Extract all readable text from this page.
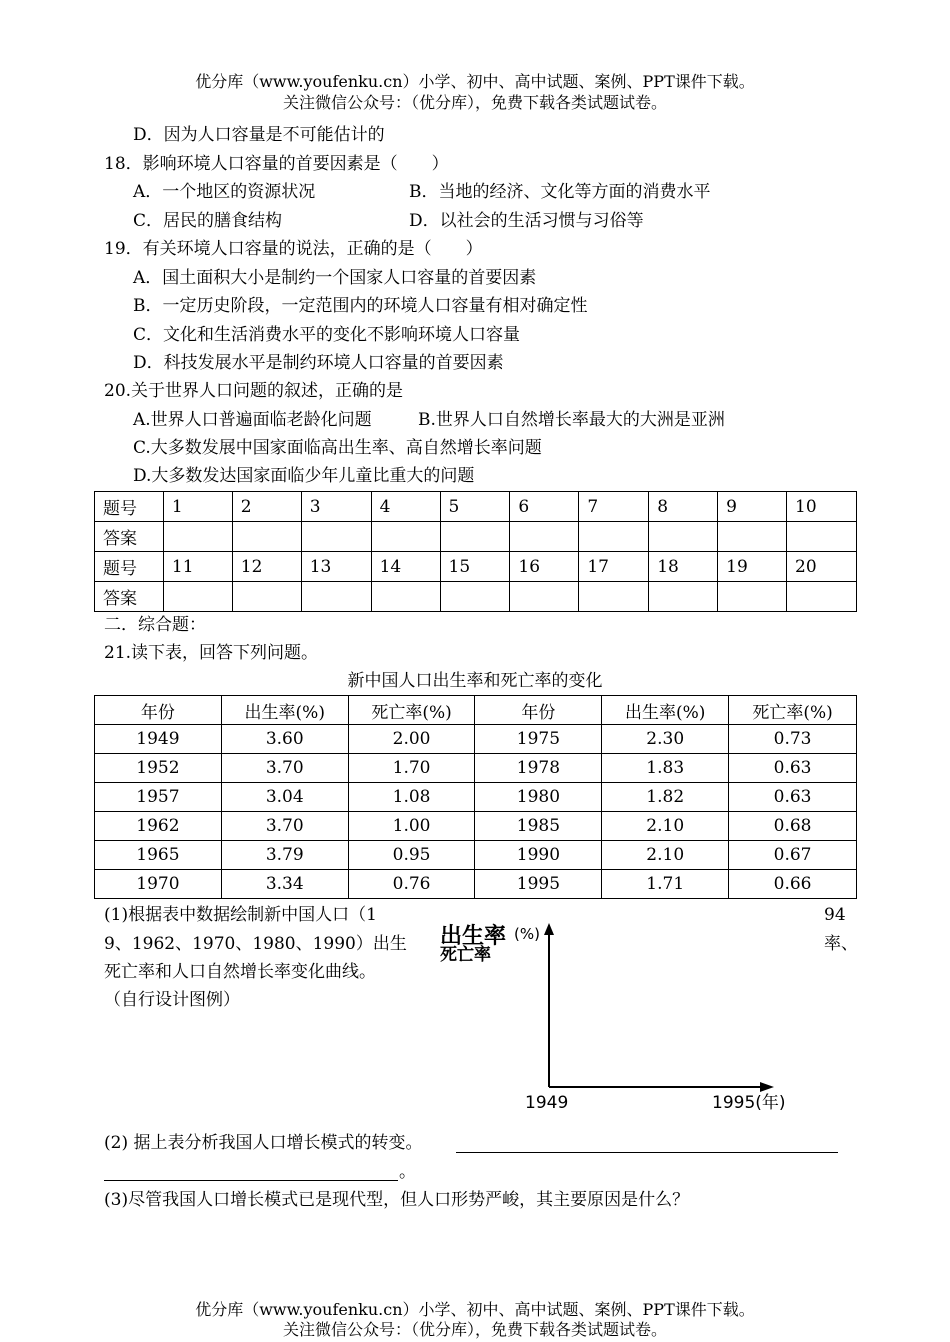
优分库（www.youfenku.cn）小学、初中、高中试题、案例、PPT课件下载。
关注微信公众号：（优分库），免费下载各类试题试卷。
D．因为人口容量是不可能估计的
18．影响环境人口容量的首要因素是（　　）
A．一个地区的资源状况	B．当地的经济、文化等方面的消费水平
C．居民的膳食结构	D．以社会的生活习惯与习俗等
19．有关环境人口容量的说法，正确的是（　　）
A．国土面积大小是制约一个国家人口容量的首要因素
B．一定历史阶段，一定范围内的环境人口容量有相对确定性
C．文化和生活消费水平的变化不影响环境人口容量
D．科技发展水平是制约环境人口容量的首要因素
20.关于世界人口问题的叙述，正确的是
A.世界人口普遍面临老龄化问题	B.世界人口自然增长率最大的大洲是亚洲
C.大多数发展中国家面临高出生率、高自然增长率问题
D.大多数发达国家面临少年儿童比重大的问题
题号	1	2	3	4	5	6	7	8	9	10
答案										
题号	11	12	13	14	15	16	17	18	19	20
答案										
二．综合题：
21.读下表，回答下列问题。
新中国人口出生率和死亡率的变化
年份	出生率(%)	死亡率(%)	年份	出生率(%)	死亡率(%)
1949	3.60	2.00	1975	2.30	0.73
1952	3.70	1.70	1978	1.83	0.63
1957	3.04	1.08	1980	1.82	0.63
1962	3.70	1.00	1985	2.10	0.68
1965	3.79	0.95	1990	2.10	0.67
1970	3.34	0.76	1995	1.71	0.66
(1)根据表中数据绘制新中国人口（1	94
9、1962、1970、1980、1990）出生	率、
死亡率和人口自然增长率变化曲线。
（自行设计图例）
出生率
死亡率
(%)
1949	1995(年)
(2) 据上表分析我国人口增长模式的转变。
。
(3)尽管我国人口增长模式已是现代型，但人口形势严峻，其主要原因是什么？
优分库（www.youfenku.cn）小学、初中、高中试题、案例、PPT课件下载。
关注微信公众号：（优分库），免费下载各类试题试卷。
